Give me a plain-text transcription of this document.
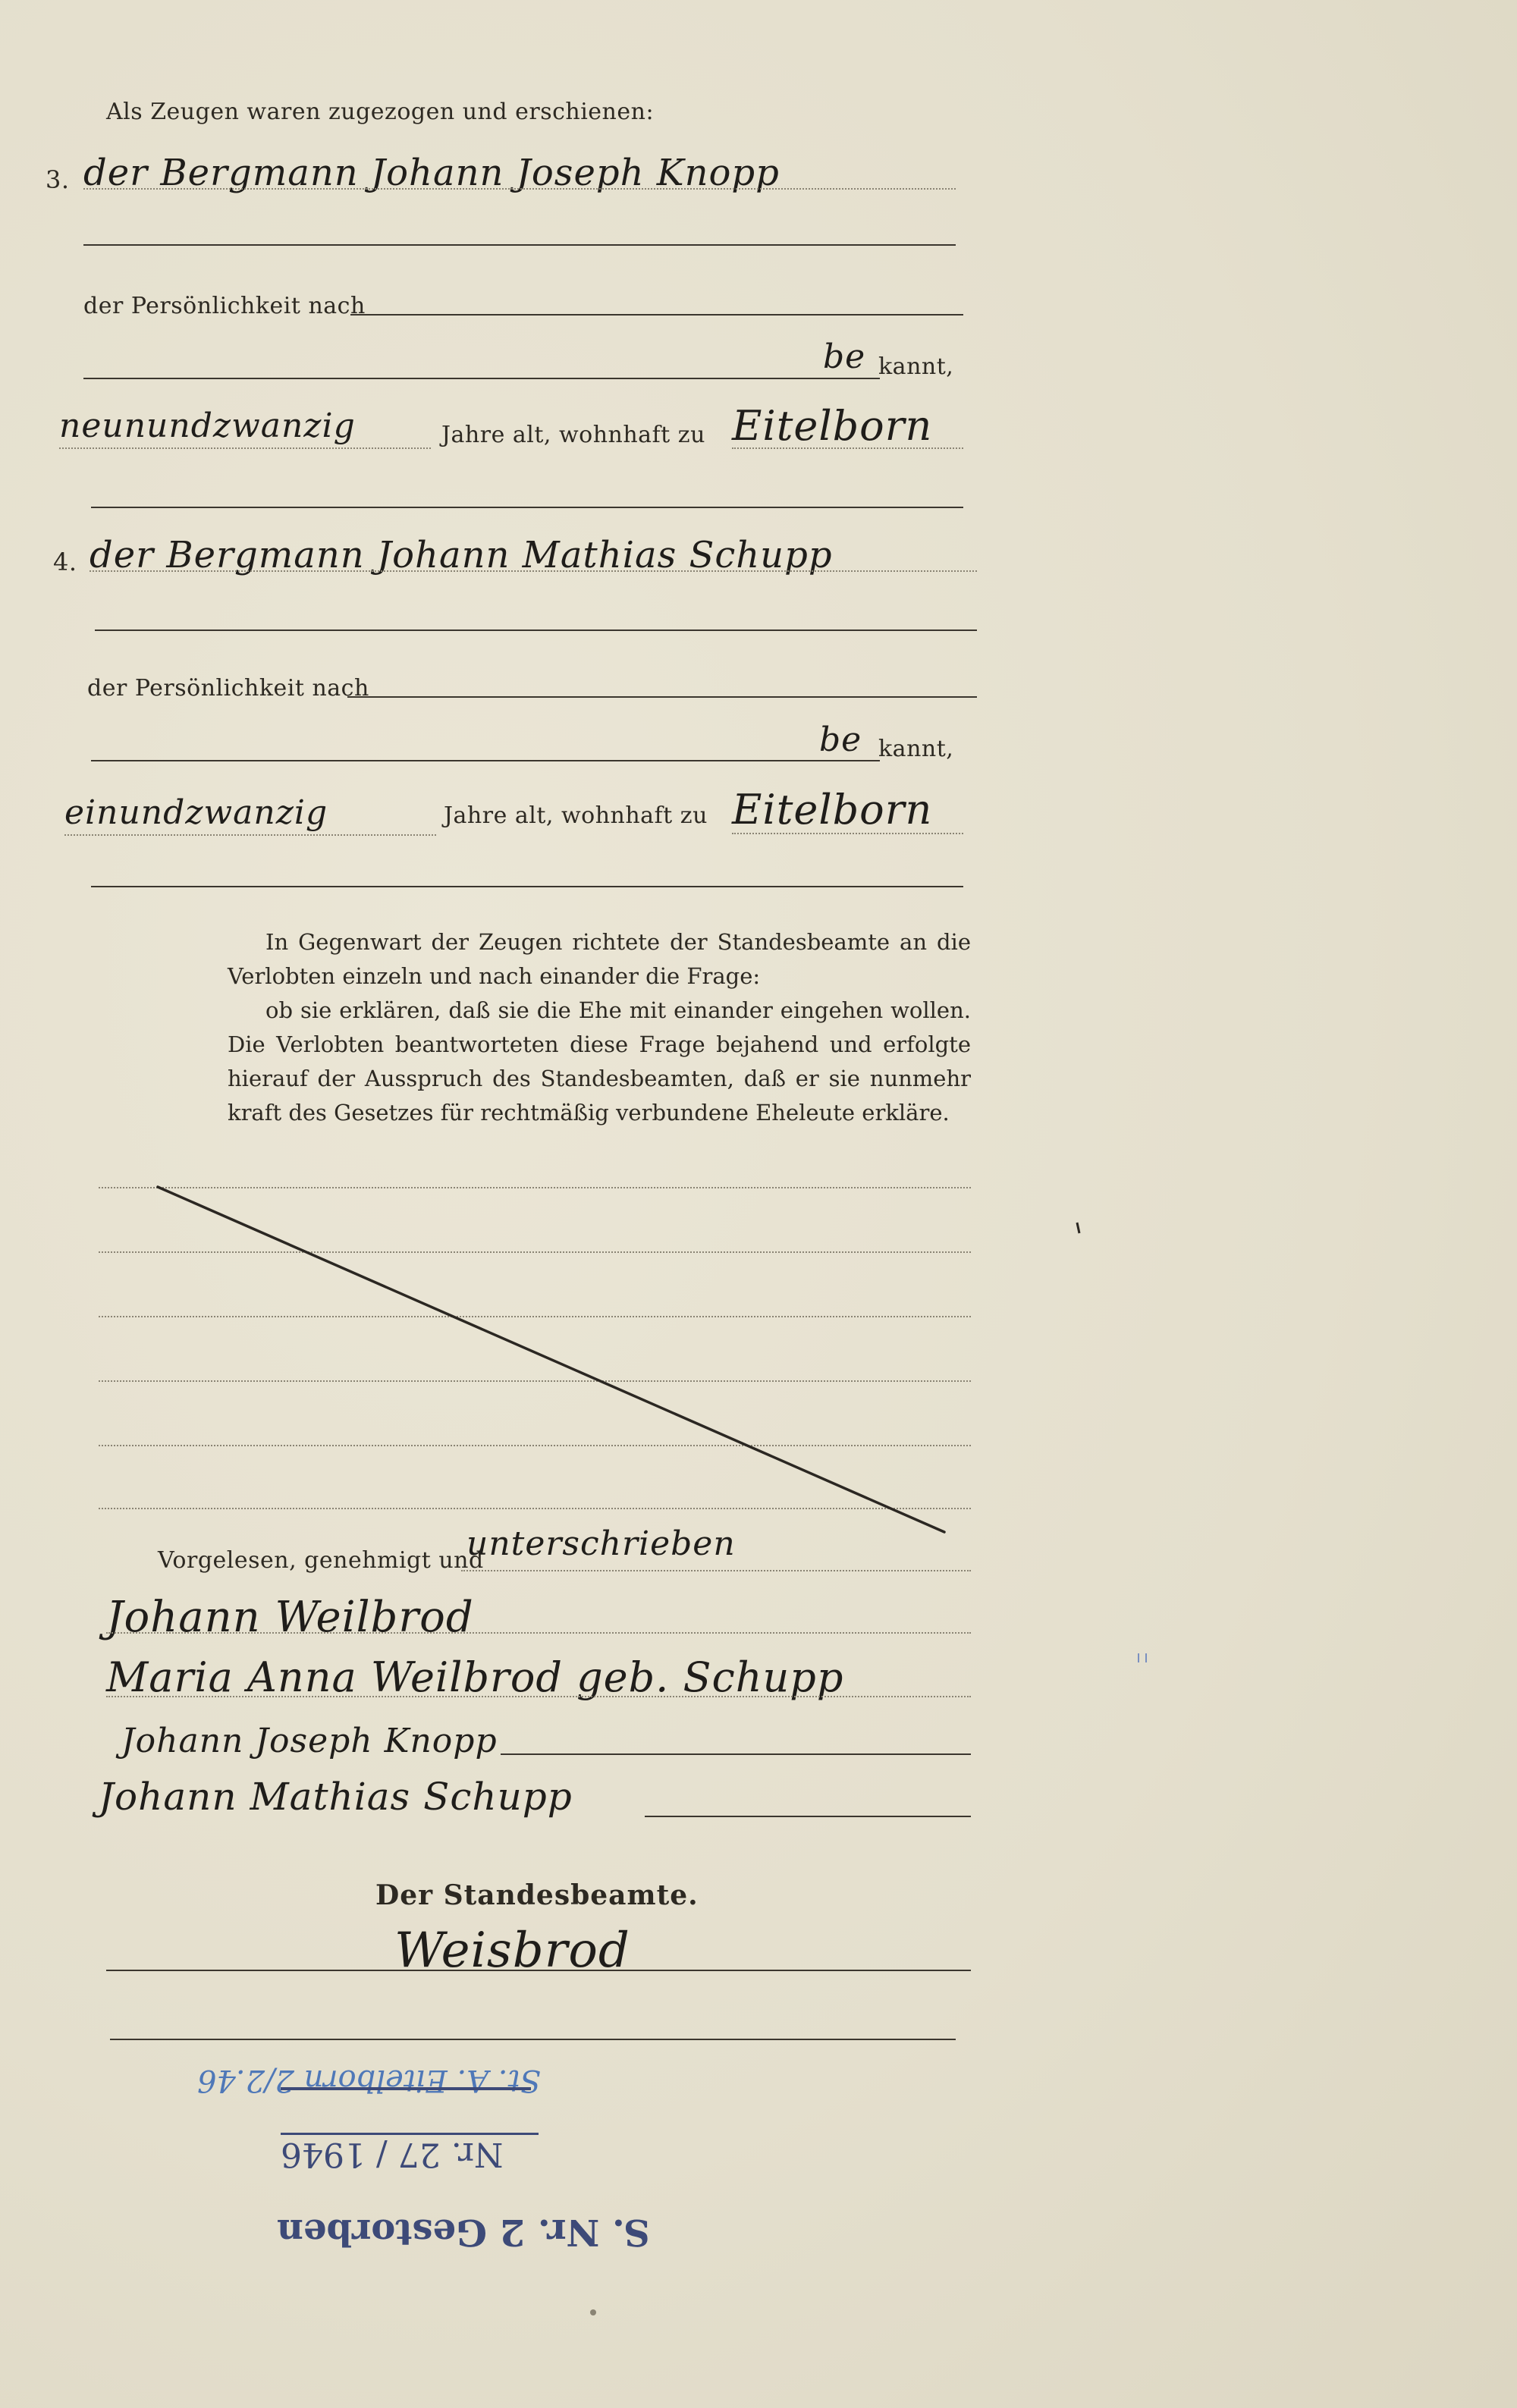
Als Zeugen waren zugezogen und erschienen:
3. der Bergmann Johann Joseph Knopp
der Persönlichkeit nach
be kannt,
neunundzwanzig	Jahre alt, wohnhaft zu Eitelborn
4. der Bergmann Johann Mathias Schupp
der Persönlichkeit nach
be kannt,
einundzwanzig	Jahre alt, wohnhaft zu Eitelborn

In Gegenwart der Zeugen richtete der Standesbeamte an die Verlobten einzeln und nach einander die Frage:

ob sie erklären, daß sie die Ehe mit einander eingehen wollen. Die Verlobten beantworteten diese Frage bejahend und erfolgte hierauf der Ausspruch des Standesbeamten, daß er sie nunmehr kraft des Gesetzes für rechtmäßig verbundene Eheleute erkläre.

Vorgelesen, genehmigt und
unterschrieben
Johann Weilbrod
Maria Anna Weilbrod geb. Schupp
Johann Joseph Knopp
Johann Mathias Schupp
Der Standesbeamte.
Weisbrod
St. A. Eitelborn 2/2.46
Nr. 27 / 1946
S. Nr. 2 Gestorben
